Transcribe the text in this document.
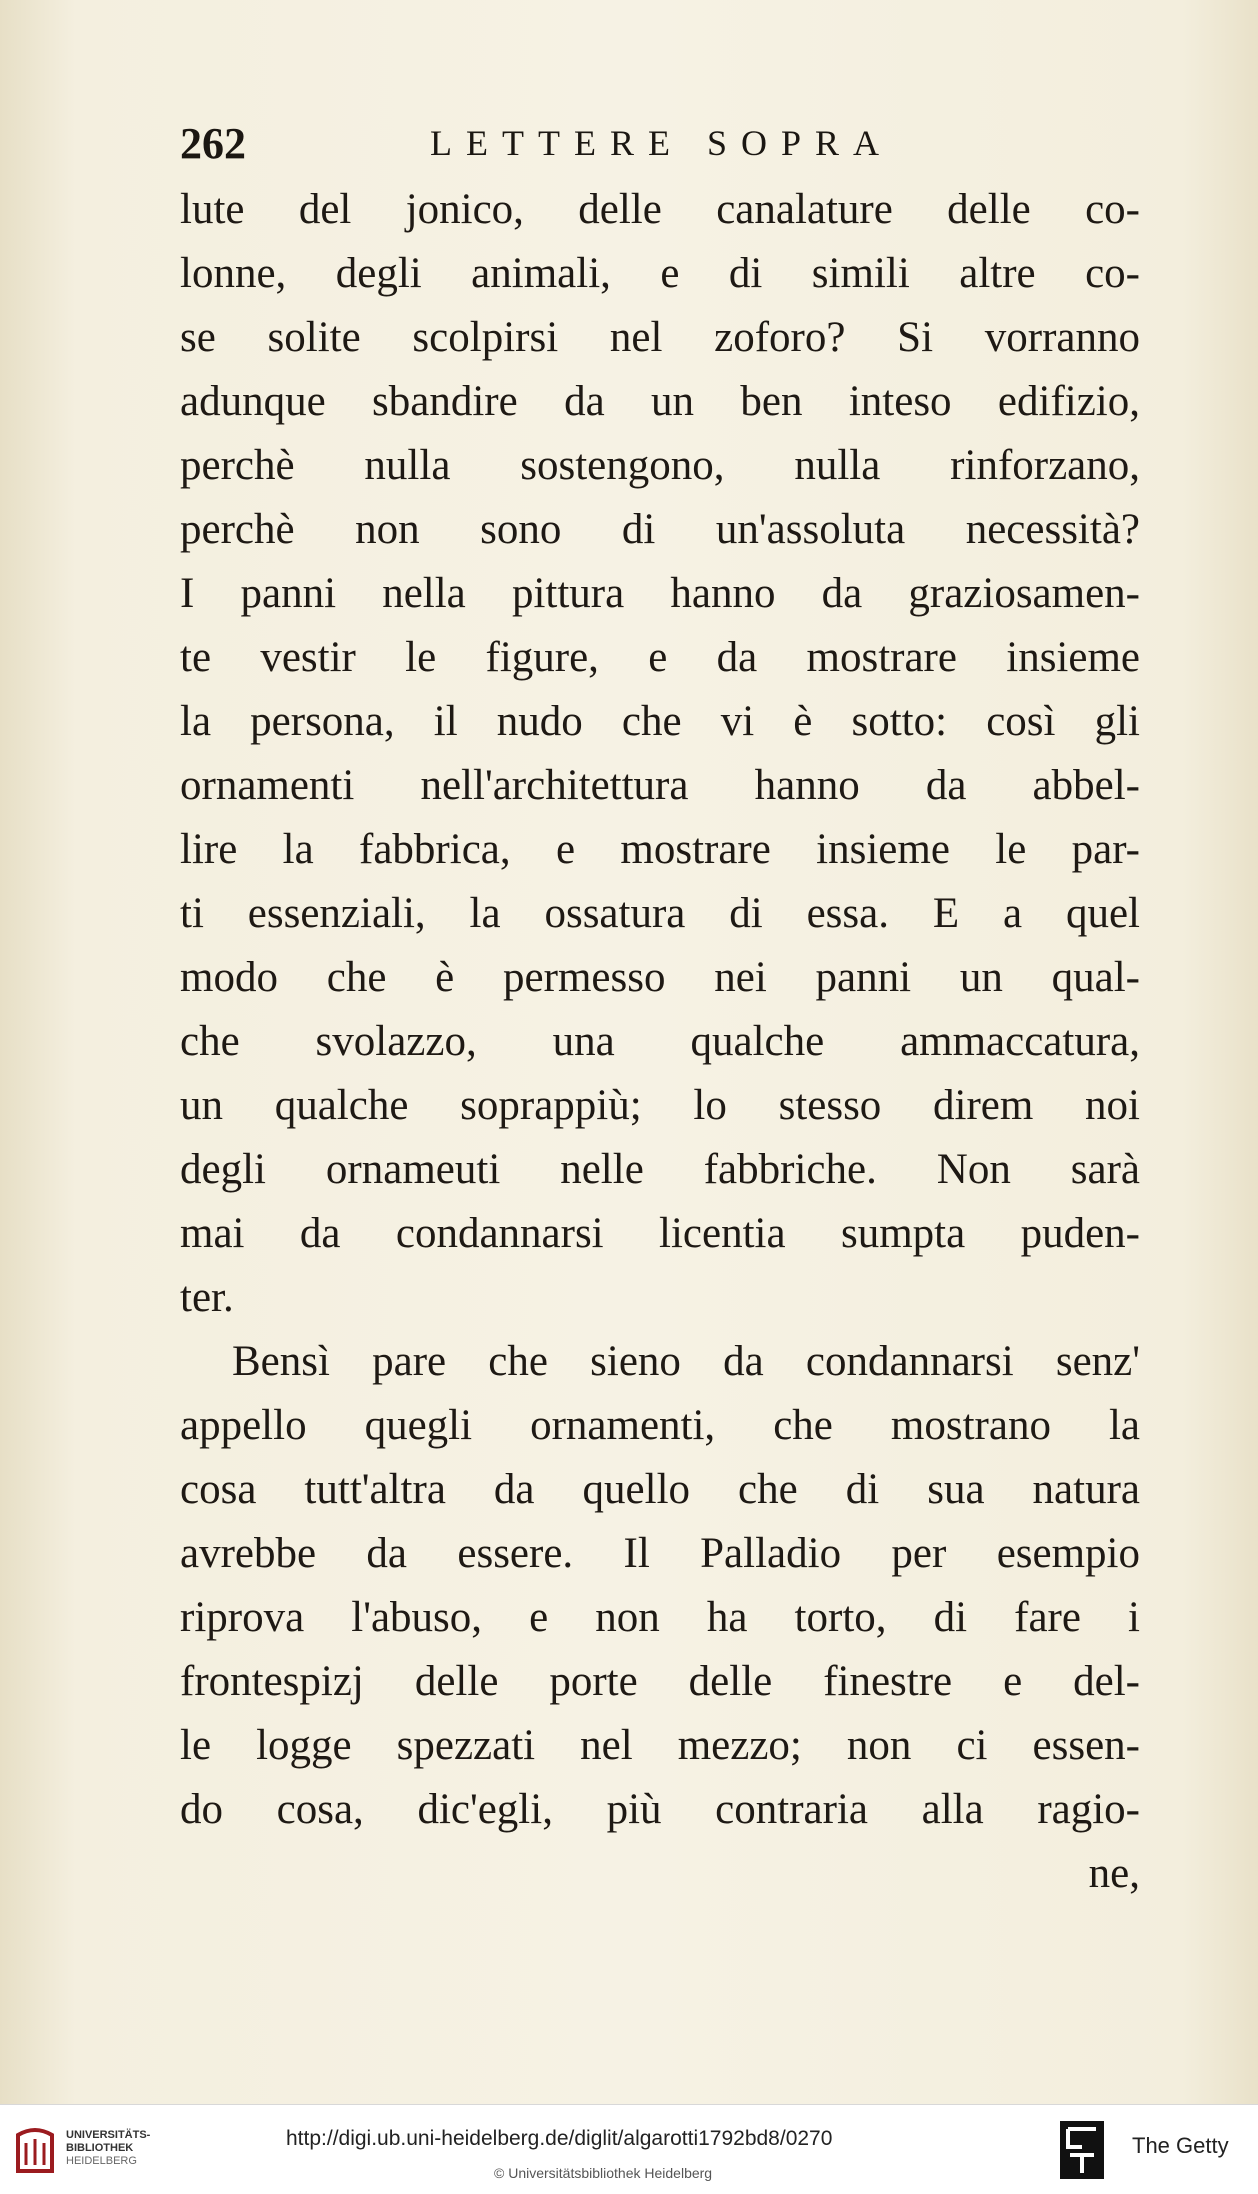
262	LETTERE SOPRA
lute del jonico, delle canalature delle co-
lonne, degli animali, e di simili altre co-
se solite scolpirsi nel zoforo? Si vorranno
adunque sbandire da un ben inteso edifizio,
perchè nulla sostengono, nulla rinforzano,
perchè non sono di un'assoluta necessità?
I panni nella pittura hanno da graziosamen-
te vestir le figure, e da mostrare insieme
la persona, il nudo che vi è sotto: così gli
ornamenti nell'architettura hanno da abbel-
lire la fabbrica, e mostrare insieme le par-
ti essenziali, la ossatura di essa. E a quel
modo che è permesso nei panni un qual-
che svolazzo, una qualche ammaccatura,
un qualche soprappiù; lo stesso direm noi
degli ornameuti nelle fabbriche. Non sarà
mai da condannarsi licentia sumpta puden-
ter.
Bensì pare che sieno da condannarsi senz'
appello quegli ornamenti, che mostrano la
cosa tutt'altra da quello che di sua natura
avrebbe da essere. Il Palladio per esempio
riprova l'abuso, e non ha torto, di fare i
frontespizj delle porte delle finestre e del-
le logge spezzati nel mezzo; non ci essen-
do cosa, dic'egli, più contraria alla ragio-
ne,
UNIVERSITÄTS-
BIBLIOTHEK
HEIDELBERG
http://digi.ub.uni-heidelberg.de/diglit/algarotti1792bd8/0270
© Universitätsbibliothek Heidelberg
The Getty
